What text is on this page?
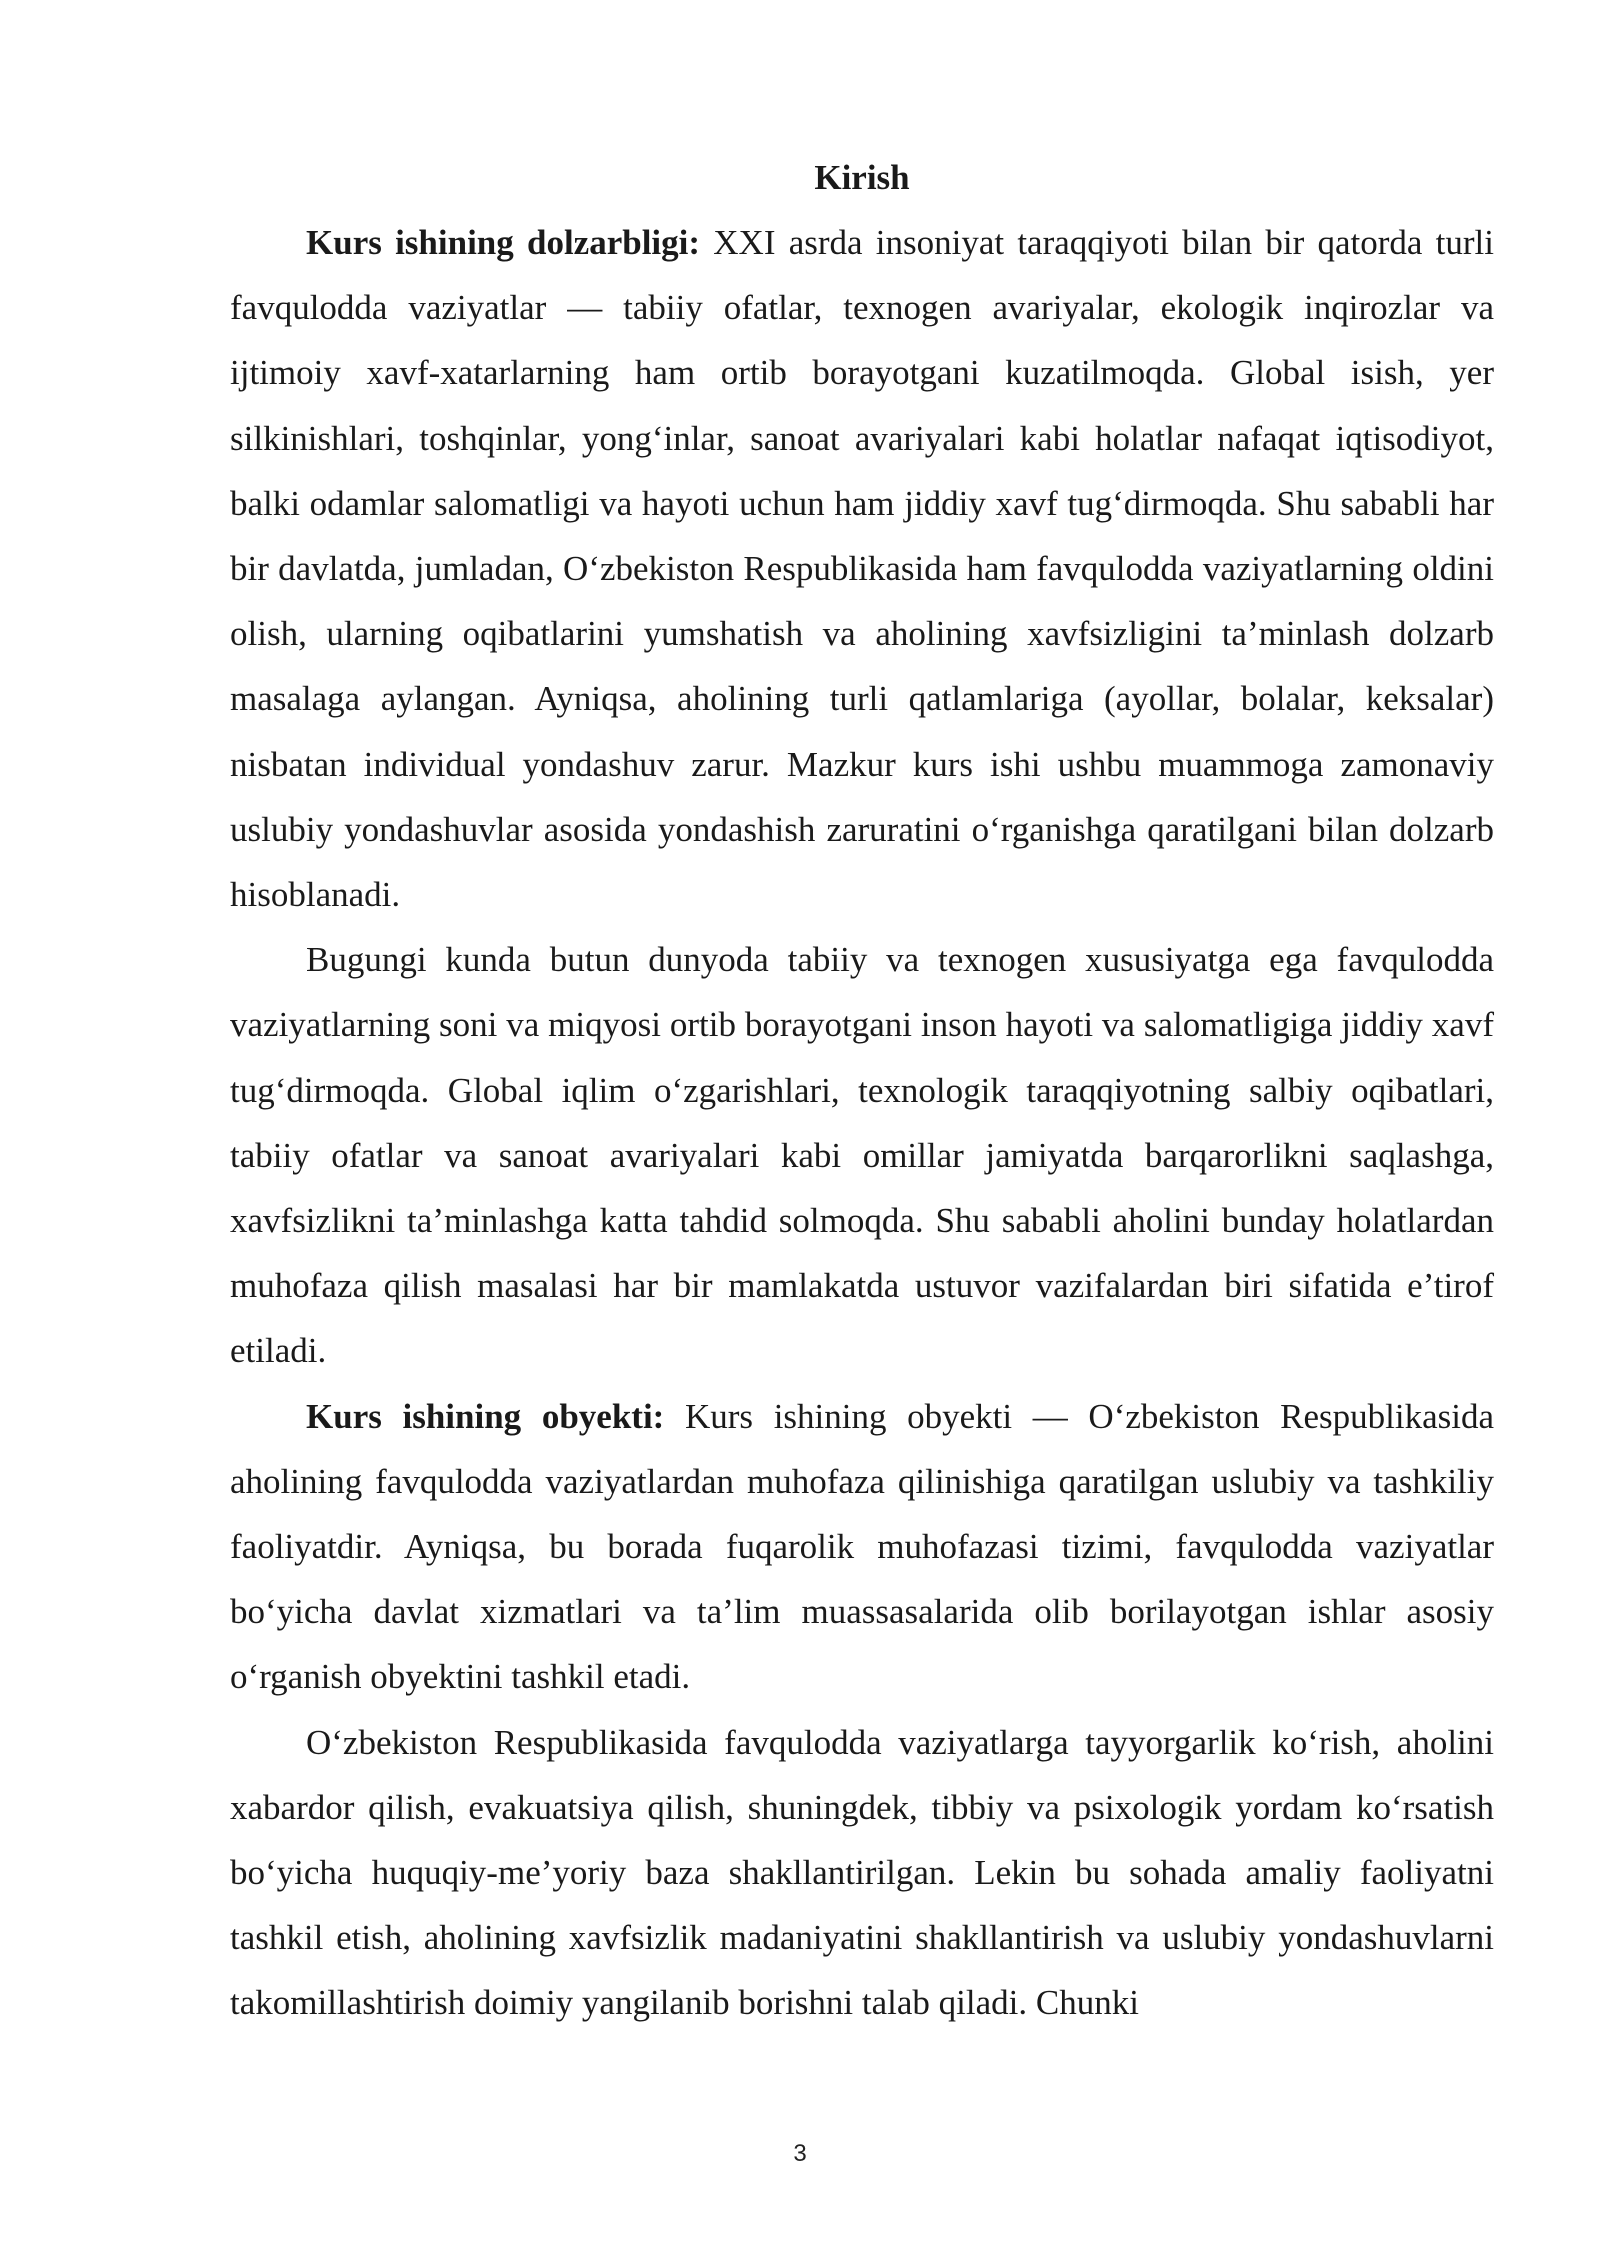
Kirish

Kurs ishining dolzarbligi: XXI asrda insoniyat taraqqiyoti bilan bir qatorda turli favqulodda vaziyatlar — tabiiy ofatlar, texnogen avariyalar, ekologik inqirozlar va ijtimoiy xavf-xatarlarning ham ortib borayotgani kuzatilmoqda. Global isish, yer silkinishlari, toshqinlar, yong‘inlar, sanoat avariyalari kabi holatlar nafaqat iqtisodiyot, balki odamlar salomatligi va hayoti uchun ham jiddiy xavf tug‘dirmoqda. Shu sababli har bir davlatda, jumladan, O‘zbekiston Respublikasida ham favqulodda vaziyatlarning oldini olish, ularning oqibatlarini yumshatish va aholining xavfsizligini ta’minlash dolzarb masalaga aylangan. Ayniqsa, aholining turli qatlamlariga (ayollar, bolalar, keksalar) nisbatan individual yondashuv zarur. Mazkur kurs ishi ushbu muammoga zamonaviy uslubiy yondashuvlar asosida yondashish zaruratini o‘rganishga qaratilgani bilan dolzarb hisoblanadi.

Bugungi kunda butun dunyoda tabiiy va texnogen xususiyatga ega favqulodda vaziyatlarning soni va miqyosi ortib borayotgani inson hayoti va salomatligiga jiddiy xavf tug‘dirmoqda. Global iqlim o‘zgarishlari, texnologik taraqqiyotning salbiy oqibatlari, tabiiy ofatlar va sanoat avariyalari kabi omillar jamiyatda barqarorlikni saqlashga, xavfsizlikni ta’minlashga katta tahdid solmoqda. Shu sababli aholini bunday holatlardan muhofaza qilish masalasi har bir mamlakatda ustuvor vazifalardan biri sifatida e’tirof etiladi.

Kurs ishining obyekti: Kurs ishining obyekti — O‘zbekiston Respublikasida aholining favqulodda vaziyatlardan muhofaza qilinishiga qaratilgan uslubiy va tashkiliy faoliyatdir. Ayniqsa, bu borada fuqarolik muhofazasi tizimi, favqulodda vaziyatlar bo‘yicha davlat xizmatlari va ta’lim muassasalarida olib borilayotgan ishlar asosiy o‘rganish obyektini tashkil etadi.

O‘zbekiston Respublikasida favqulodda vaziyatlarga tayyorgarlik ko‘rish, aholini xabardor qilish, evakuatsiya qilish, shuningdek, tibbiy va psixologik yordam ko‘rsatish bo‘yicha huquqiy-me’yoriy baza shakllantirilgan. Lekin bu sohada amaliy faoliyatni tashkil etish, aholining xavfsizlik madaniyatini shakllantirish va uslubiy yondashuvlarni takomillashtirish doimiy yangilanib borishni talab qiladi. Chunki

3
